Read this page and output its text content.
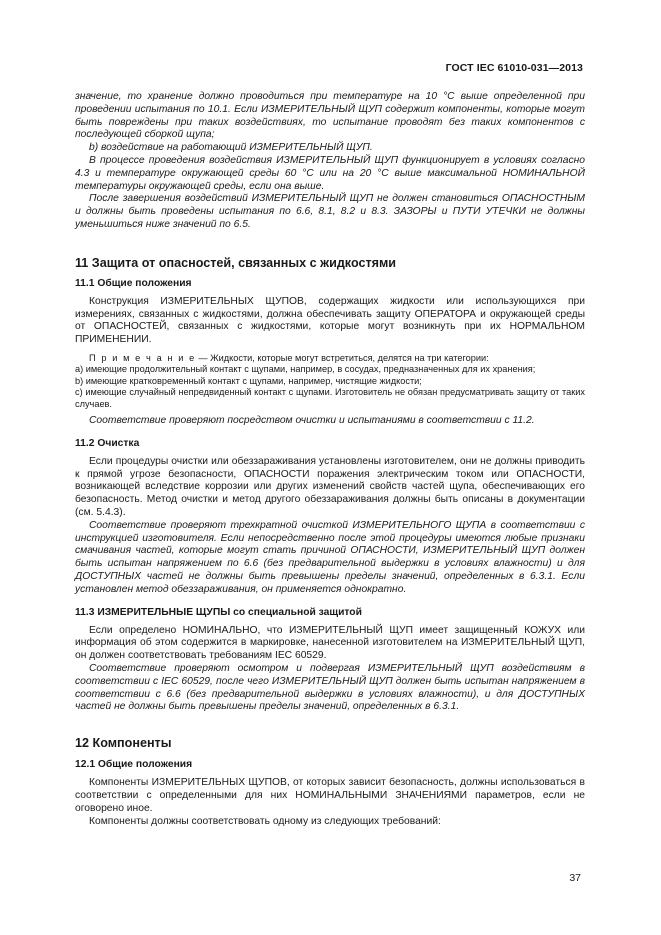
ГОСТ IEC 61010-031—2013

значение, то хранение должно проводиться при температуре на 10 °С выше определенной при проведении испытания по 10.1. Если ИЗМЕРИТЕЛЬНЫЙ ЩУП содержит компоненты, которые могут быть повреждены при таких воздействиях, то испытание проводят без таких компонентов с последующей сборкой щупа;

b) воздействие на работающий ИЗМЕРИТЕЛЬНЫЙ ЩУП.

В процессе проведения воздействия ИЗМЕРИТЕЛЬНЫЙ ЩУП функционирует в условиях согласно 4.3 и температуре окружающей среды 60 °С или на 20 °С выше максимальной НОМИНАЛЬНОЙ температуры окружающей среды, если она выше.

После завершения воздействий ИЗМЕРИТЕЛЬНЫЙ ЩУП не должен становиться ОПАСНОСТНЫМ и должны быть проведены испытания по 6.6, 8.1, 8.2 и 8.3. ЗАЗОРЫ и ПУТИ УТЕЧКИ не должны уменьшиться ниже значений по 6.5.

11 Защита от опасностей, связанных с жидкостями
11.1 Общие положения

Конструкция ИЗМЕРИТЕЛЬНЫХ ЩУПОВ, содержащих жидкости или использующихся при измерениях, связанных с жидкостями, должна обеспечивать защиту ОПЕРАТОРА и окружающей среды от ОПАСНОСТЕЙ, связанных с жидкостями, которые могут возникнуть при их НОРМАЛЬНОМ ПРИМЕНЕНИИ.

П р и м е ч а н и е — Жидкости, которые могут встретиться, делятся на три категории:

a) имеющие продолжительный контакт с щупами, например, в сосудах, предназначенных для их хранения;

b) имеющие кратковременный контакт с щупами, например, чистящие жидкости;

c) имеющие случайный непредвиденный контакт с щупами. Изготовитель не обязан предусматривать защиту от таких случаев.

Соответствие проверяют посредством очистки и испытаниями в соответствии с 11.2.

11.2 Очистка

Если процедуры очистки или обеззараживания установлены изготовителем, они не должны приводить к прямой угрозе безопасности, ОПАСНОСТИ поражения электрическим током или ОПАСНОСТИ, возникающей вследствие коррозии или других изменений свойств частей щупа, обеспечивающих его безопасность. Метод очистки и метод другого обеззараживания должны быть описаны в документации (см. 5.4.3).

Соответствие проверяют трехкратной очисткой ИЗМЕРИТЕЛЬНОГО ЩУПА в соответствии с инструкцией изготовителя. Если непосредственно после этой процедуры имеются любые признаки смачивания частей, которые могут стать причиной ОПАСНОСТИ, ИЗМЕРИТЕЛЬНЫЙ ЩУП должен быть испытан напряжением по 6.6 (без предварительной выдержки в условиях влажности) и для ДОСТУПНЫХ частей не должны быть превышены пределы значений, определенных в 6.3.1. Если установлен метод обеззараживания, он применяется однократно.

11.3 ИЗМЕРИТЕЛЬНЫЕ ЩУПЫ со специальной защитой

Если определено НОМИНАЛЬНО, что ИЗМЕРИТЕЛЬНЫЙ ЩУП имеет защищенный КОЖУХ или информация об этом содержится в маркировке, нанесенной изготовителем на ИЗМЕРИТЕЛЬНЫЙ ЩУП, он должен соответствовать требованиям IEC 60529.

Соответствие проверяют осмотром и подвергая ИЗМЕРИТЕЛЬНЫЙ ЩУП воздействиям в соответствии с IEC 60529, после чего ИЗМЕРИТЕЛЬНЫЙ ЩУП должен быть испытан напряжением в соответствии с 6.6 (без предварительной выдержки в условиях влажности), и для ДОСТУПНЫХ частей не должны быть превышены пределы значений, определенных в 6.3.1.

12 Компоненты
12.1 Общие положения

Компоненты ИЗМЕРИТЕЛЬНЫХ ЩУПОВ, от которых зависит безопасность, должны использоваться в соответствии с определенными для них НОМИНАЛЬНЫМИ ЗНАЧЕНИЯМИ параметров, если не оговорено иное.

Компоненты должны соответствовать одному из следующих требований:

37
